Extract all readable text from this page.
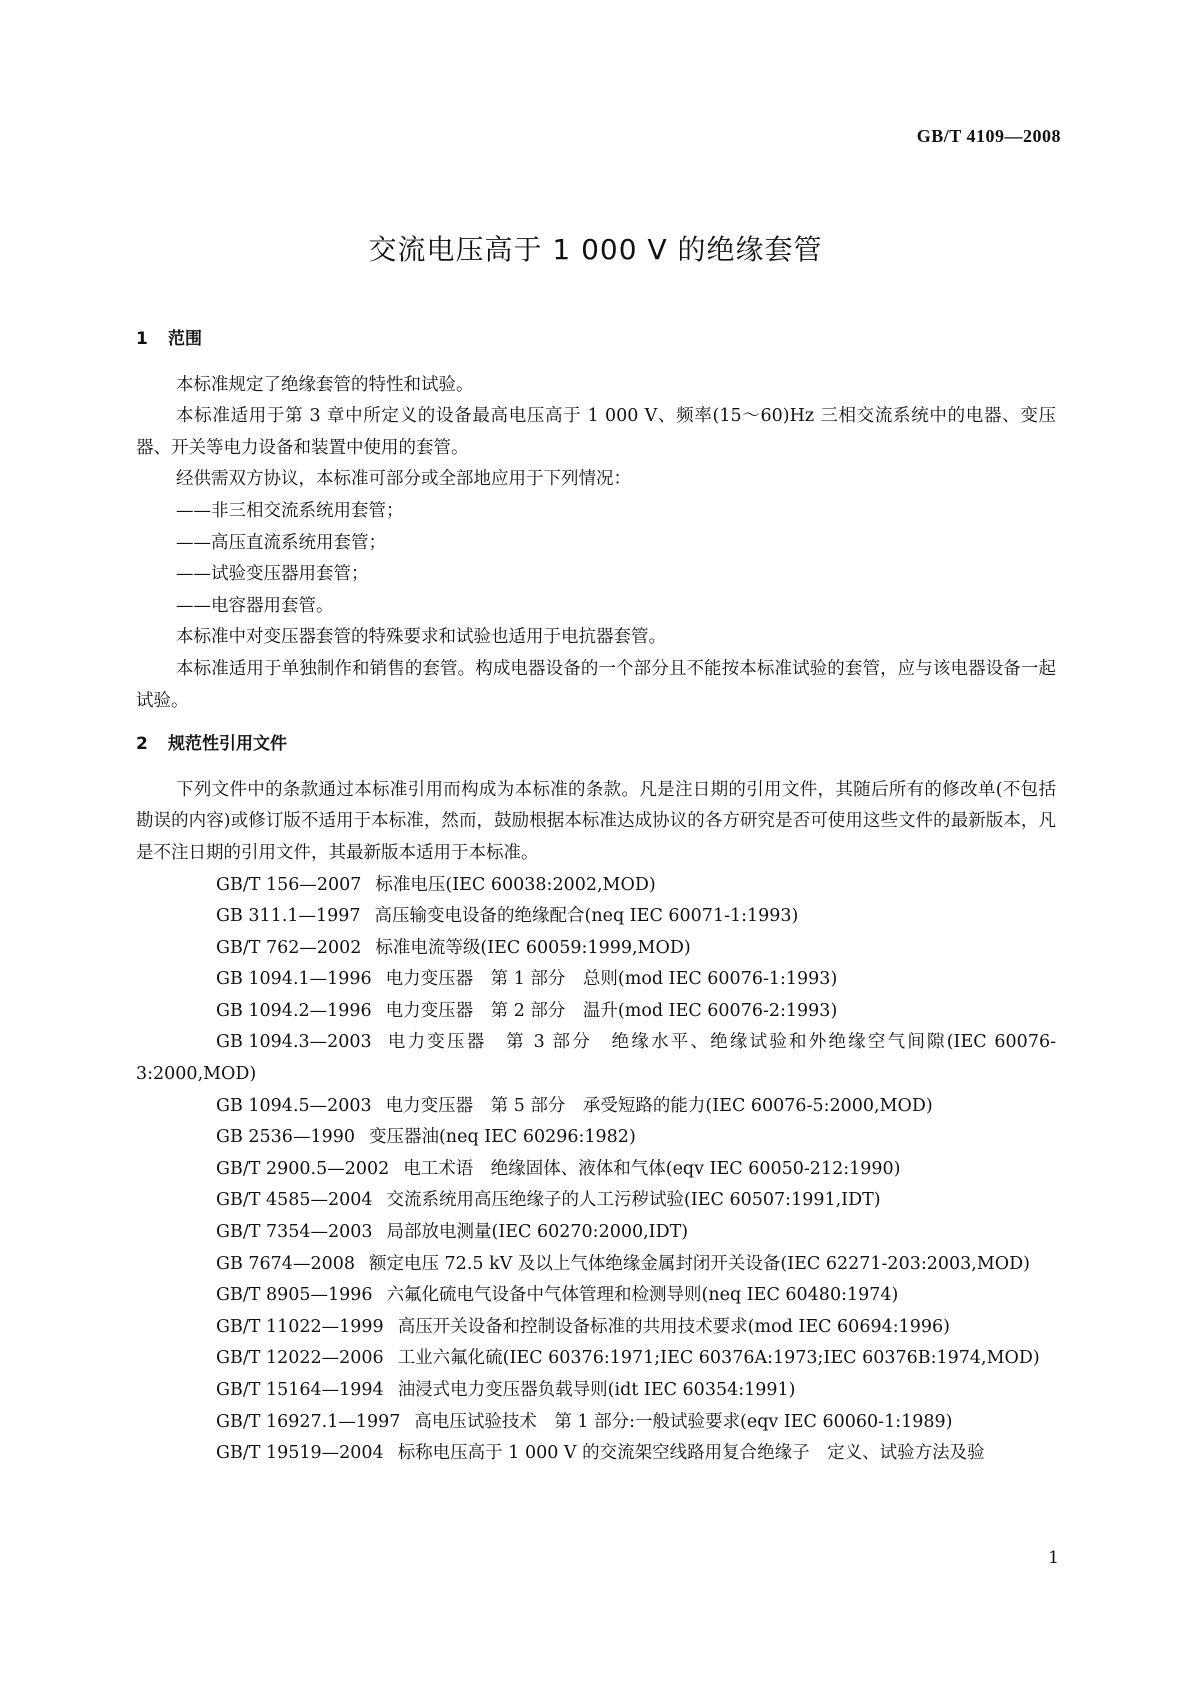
GB/T 4109—2008
交流电压高于 1 000 V 的绝缘套管
1 范围

本标准规定了绝缘套管的特性和试验。

本标准适用于第 3 章中所定义的设备最高电压高于 1 000 V、频率(15～60)Hz 三相交流系统中的电器、变压器、开关等电力设备和装置中使用的套管。

经供需双方协议，本标准可部分或全部地应用于下列情况：

——非三相交流系统用套管；
——高压直流系统用套管；
——试验变压器用套管；
——电容器用套管。

本标准中对变压器套管的特殊要求和试验也适用于电抗器套管。

本标准适用于单独制作和销售的套管。构成电器设备的一个部分且不能按本标准试验的套管，应与该电器设备一起试验。

2 规范性引用文件

下列文件中的条款通过本标准引用而构成为本标准的条款。凡是注日期的引用文件，其随后所有的修改单(不包括勘误的内容)或修订版不适用于本标准，然而，鼓励根据本标准达成协议的各方研究是否可使用这些文件的最新版本，凡是不注日期的引用文件，其最新版本适用于本标准。

GB/T 156—2007 标准电压(IEC 60038:2002,MOD)

GB 311.1—1997 高压输变电设备的绝缘配合(neq IEC 60071-1:1993)

GB/T 762—2002 标准电流等级(IEC 60059:1999,MOD)

GB 1094.1—1996 电力变压器　第 1 部分　总则(mod IEC 60076-1:1993)

GB 1094.2—1996 电力变压器　第 2 部分　温升(mod IEC 60076-2:1993)

GB 1094.3—2003 电力变压器　第 3 部分　绝缘水平、绝缘试验和外绝缘空气间隙(IEC 60076-3:2000,MOD)

GB 1094.5—2003 电力变压器　第 5 部分　承受短路的能力(IEC 60076-5:2000,MOD)

GB 2536—1990 变压器油(neq IEC 60296:1982)

GB/T 2900.5—2002 电工术语　绝缘固体、液体和气体(eqv IEC 60050-212:1990)

GB/T 4585—2004 交流系统用高压绝缘子的人工污秽试验(IEC 60507:1991,IDT)

GB/T 7354—2003 局部放电测量(IEC 60270:2000,IDT)

GB 7674—2008 额定电压 72.5 kV 及以上气体绝缘金属封闭开关设备(IEC 62271-203:2003,MOD)

GB/T 8905—1996 六氟化硫电气设备中气体管理和检测导则(neq IEC 60480:1974)

GB/T 11022—1999 高压开关设备和控制设备标准的共用技术要求(mod IEC 60694:1996)

GB/T 12022—2006 工业六氟化硫(IEC 60376:1971;IEC 60376A:1973;IEC 60376B:1974,MOD)

GB/T 15164—1994 油浸式电力变压器负载导则(idt IEC 60354:1991)

GB/T 16927.1—1997 高电压试验技术　第 1 部分:一般试验要求(eqv IEC 60060-1:1989)

GB/T 19519—2004 标称电压高于 1 000 V 的交流架空线路用复合绝缘子　定义、试验方法及验

1
